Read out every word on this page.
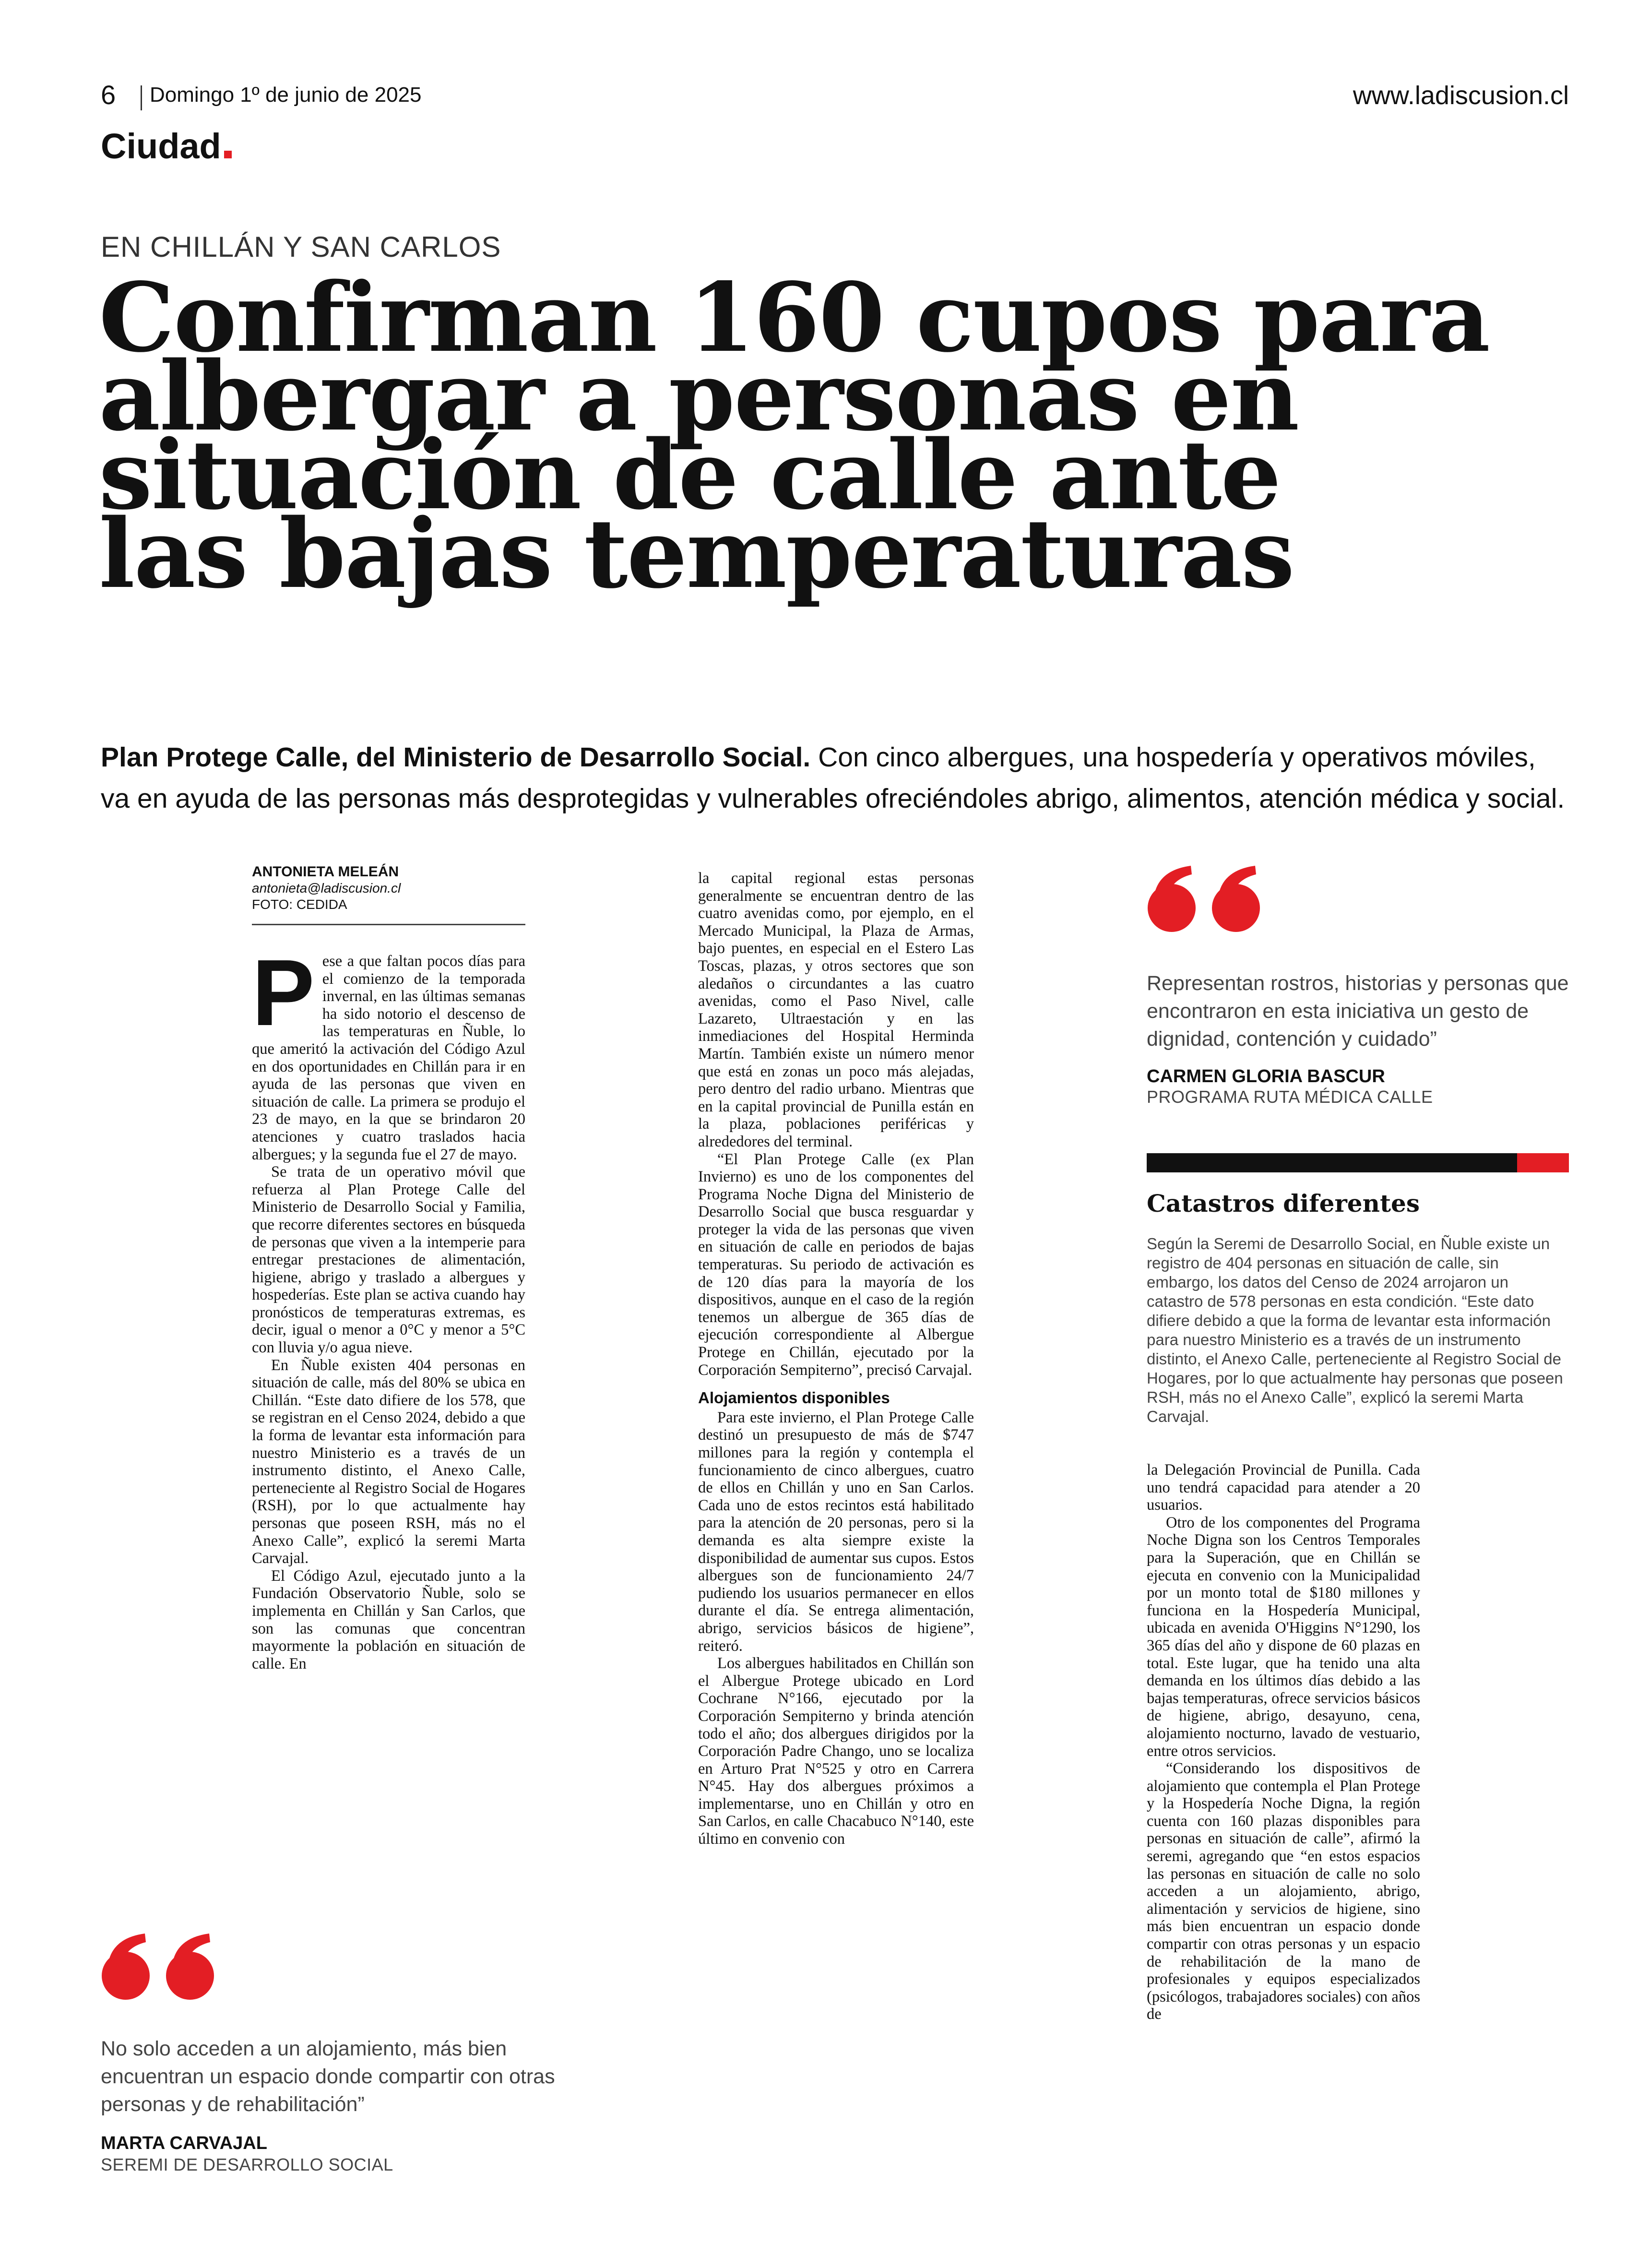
6 Domingo 1º de junio de 2025	www.ladiscusion.cl
Ciudad
EN CHILLÁN Y SAN CARLOS
Confirman 160 cupos para
albergar a personas en
situación de calle ante
las bajas temperaturas

Plan Protege Calle, del Ministerio de Desarrollo Social. Con cinco albergues, una hospedería y operativos móviles, va en ayuda de las personas más desprotegidas y vulnerables ofreciéndoles abrigo, alimentos, atención médica y social.

ANTONIETA MELEÁN
antonieta@ladiscusion.cl
FOTO: CEDIDA
P ese a que faltan pocos días para el comienzo de la temporada invernal, en las últimas semanas ha sido notorio el descenso de las temperaturas en Ñuble, lo que ameritó la activación del Código Azul en dos oportunidades en Chillán para ir en ayuda de las personas que viven en situación de calle. La primera se produjo el 23 de mayo, en la que se brindaron 20 atenciones y cuatro traslados hacia albergues; y la segunda fue el 27 de mayo.

Se trata de un operativo móvil que refuerza al Plan Protege Calle del Ministerio de Desarrollo Social y Familia, que recorre diferentes sectores en búsqueda de personas que viven a la intemperie para entregar prestaciones de alimentación, higiene, abrigo y traslado a albergues y hospederías. Este plan se activa cuando hay pronósticos de temperaturas extremas, es decir, igual o menor a 0°C y menor a 5°C con lluvia y/o agua nieve.

En Ñuble existen 404 personas en situación de calle, más del 80% se ubica en Chillán. “Este dato difiere de los 578, que se registran en el Censo 2024, debido a que la forma de levantar esta información para nuestro Ministerio es a través de un instrumento distinto, el Anexo Calle, perteneciente al Registro Social de Hogares (RSH), por lo que actualmente hay personas que poseen RSH, más no el Anexo Calle”, explicó la seremi Marta Carvajal.

El Código Azul, ejecutado junto a la Fundación Observatorio Ñuble, solo se implementa en Chillán y San Carlos, que son las comunas que concentran mayormente la población en situación de calle. En

la capital regional estas personas generalmente se encuentran dentro de las cuatro avenidas como, por ejemplo, en el Mercado Municipal, la Plaza de Armas, bajo puentes, en especial en el Estero Las Toscas, plazas, y otros sectores que son aledaños o circundantes a las cuatro avenidas, como el Paso Nivel, calle Lazareto, Ultraestación y en las inmediaciones del Hospital Herminda Martín. También existe un número menor que está en zonas un poco más alejadas, pero dentro del radio urbano. Mientras que en la capital provincial de Punilla están en la plaza, poblaciones periféricas y alrededores del terminal.

“El Plan Protege Calle (ex Plan Invierno) es uno de los componentes del Programa Noche Digna del Ministerio de Desarrollo Social que busca resguardar y proteger la vida de las personas que viven en situación de calle en periodos de bajas temperaturas. Su periodo de activación es de 120 días para la mayoría de los dispositivos, aunque en el caso de la región tenemos un albergue de 365 días de ejecución correspondiente al Albergue Protege en Chillán, ejecutado por la Corporación Sempiterno”, precisó Carvajal.

Alojamientos disponibles

Para este invierno, el Plan Protege Calle destinó un presupuesto de más de $747 millones para la región y contempla el funcionamiento de cinco albergues, cuatro de ellos en Chillán y uno en San Carlos. Cada uno de estos recintos está habilitado para la atención de 20 personas, pero si la demanda es alta siempre existe la disponibilidad de aumentar sus cupos. Estos albergues son de funcionamiento 24/7 pudiendo los usuarios permanecer en ellos durante el día. Se entrega alimentación, abrigo, servicios básicos de higiene”, reiteró.

Los albergues habilitados en Chillán son el Albergue Protege ubicado en Lord Cochrane N°166, ejecutado por la Corporación Sempiterno y brinda atención todo el año; dos albergues dirigidos por la Corporación Padre Chango, uno se localiza en Arturo Prat N°525 y otro en Carrera N°45. Hay dos albergues próximos a implementarse, uno en Chillán y otro en San Carlos, en calle Chacabuco N°140, este último en convenio con

la Delegación Provincial de Punilla. Cada uno tendrá capacidad para atender a 20 usuarios.

Otro de los componentes del Programa Noche Digna son los Centros Temporales para la Superación, que en Chillán se ejecuta en convenio con la Municipalidad por un monto total de $180 millones y funciona en la Hospedería Municipal, ubicada en avenida O'Higgins N°1290, los 365 días del año y dispone de 60 plazas en total. Este lugar, que ha tenido una alta demanda en los últimos días debido a las bajas temperaturas, ofrece servicios básicos de higiene, abrigo, desayuno, cena, alojamiento nocturno, lavado de vestuario, entre otros servicios.

“Considerando los dispositivos de alojamiento que contempla el Plan Protege y la Hospedería Noche Digna, la región cuenta con 160 plazas disponibles para personas en situación de calle”, afirmó la seremi, agregando que “en estos espacios las personas en situación de calle no solo acceden a un alojamiento, abrigo, alimentación y servicios de higiene, sino más bien encuentran un espacio donde compartir con otras personas y un espacio de rehabilitación de la mano de profesionales y equipos especializados (psicólogos, trabajadores sociales) con años de

Representan rostros, historias y personas que encontraron en esta iniciativa un gesto de dignidad, contención y cuidado”

CARMEN GLORIA BASCUR

PROGRAMA RUTA MÉDICA CALLE

Catastros diferentes

Según la Seremi de Desarrollo Social, en Ñuble existe un registro de 404 personas en situación de calle, sin embargo, los datos del Censo de 2024 arrojaron un catastro de 578 personas en esta condición. “Este dato difiere debido a que la forma de levantar esta información para nuestro Ministerio es a través de un instrumento distinto, el Anexo Calle, perteneciente al Registro Social de Hogares, por lo que actualmente hay personas que poseen RSH, más no el Anexo Calle”, explicó la seremi Marta Carvajal.

No solo acceden a un alojamiento, más bien encuentran un espacio donde compartir con otras personas y de rehabilitación”

MARTA CARVAJAL

SEREMI DE DESARROLLO SOCIAL
